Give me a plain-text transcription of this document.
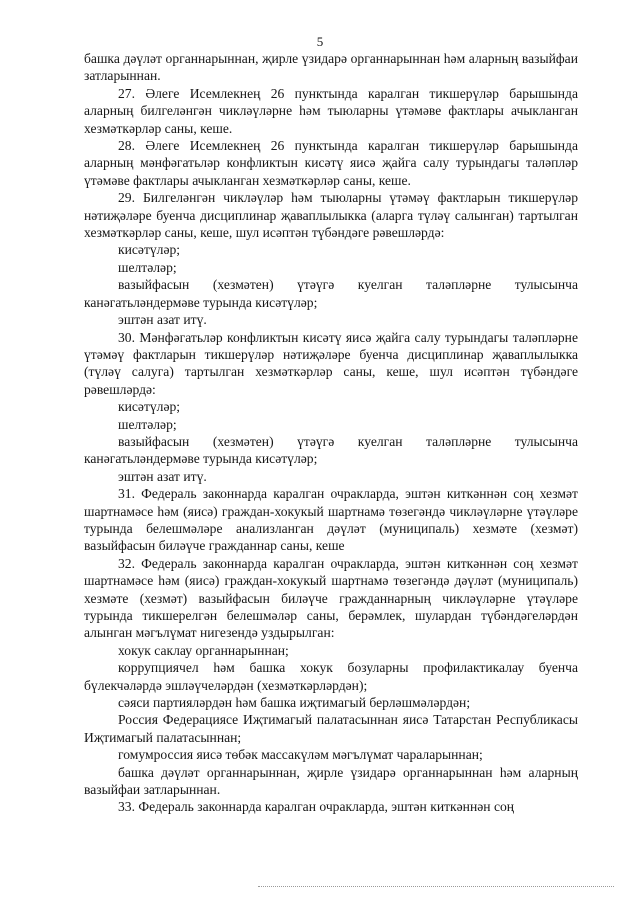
5

башка дәүләт органнарыннан, җирле үзидарә органнарыннан һәм аларның вазыйфаи затларыннан.

27. Әлеге Исемлекнең 26 пунктында каралган тикшерүләр барышында аларның билгеләнгән чикләүләрне һәм тыюларны үтәмәве фактлары ачыкланган хезмәткәрләр саны, кеше.

28. Әлеге Исемлекнең 26 пунктында каралган тикшерүләр барышында аларның мәнфәгатьләр конфликтын кисәтү яисә җайга салу турындагы таләпләр үтәмәве фактлары ачыкланган хезмәткәрләр саны, кеше.

29. Билгеләнгән чикләүләр һәм тыюларны үтәмәү фактларын тикшерүләр нәтиҗәләре буенча дисциплинар җаваплылыкка (аларга түләү салынган) тартылган хезмәткәрләр саны, кеше, шул исәптән түбәндәге рәвешләрдә:

кисәтүләр;

шелтәләр;

вазыйфасын (хезмәтен) үтәүгә куелган таләпләрне тулысынча канәгатьләндермәве турында кисәтүләр;

эштән азат итү.

30. Мәнфәгатьләр конфликтын кисәтү яисә җайга салу турындагы таләпләрне үтәмәү фактларын тикшерүләр нәтиҗәләре буенча дисциплинар җаваплылыкка (түләү салуга) тартылган хезмәткәрләр саны, кеше, шул исәптән түбәндәге рәвешләрдә:

кисәтүләр;

шелтәләр;

вазыйфасын (хезмәтен) үтәүгә куелган таләпләрне тулысынча канәгатьләндермәве турында кисәтүләр;

эштән азат итү.

31. Федераль законнарда каралган очракларда, эштән киткәннән соң хезмәт шартнамәсе һәм (яисә) граждан-хокукый шартнамә төзегәндә чикләүләрне үтәүләре турында белешмәләре анализланган дәүләт (муниципаль) хезмәте (хезмәт) вазыйфасын биләүче гражданнар саны, кеше

32. Федераль законнарда каралган очракларда, эштән киткәннән соң хезмәт шартнамәсе һәм (яисә) граждан-хокукый шартнамә төзегәндә дәүләт (муниципаль) хезмәте (хезмәт) вазыйфасын биләүче гражданнарның чикләүләрне үтәүләре турында тикшерелгән белешмәләр саны, берәмлек, шулардан түбәндәгеләрдән алынган мәгълүмат нигезендә уздырылган:

хокук саклау органнарыннан;

коррупциячел һәм башка хокук бозуларны профилактикалау буенча бүлекчәләрдә эшләүчеләрдән (хезмәткәрләрдән);

сәяси партияләрдән һәм башка иҗтимагый берләшмәләрдән;

Россия Федерациясе Иҗтимагый палатасыннан яисә Татарстан Республикасы Иҗтимагый палатасыннан;

гомумроссия яисә төбәк массакүләм мәгълүмат чараларыннан;

башка дәүләт органнарыннан, җирле үзидарә органнарыннан һәм аларның вазыйфаи затларыннан.

33. Федераль законнарда каралган очракларда, эштән киткәннән соң
